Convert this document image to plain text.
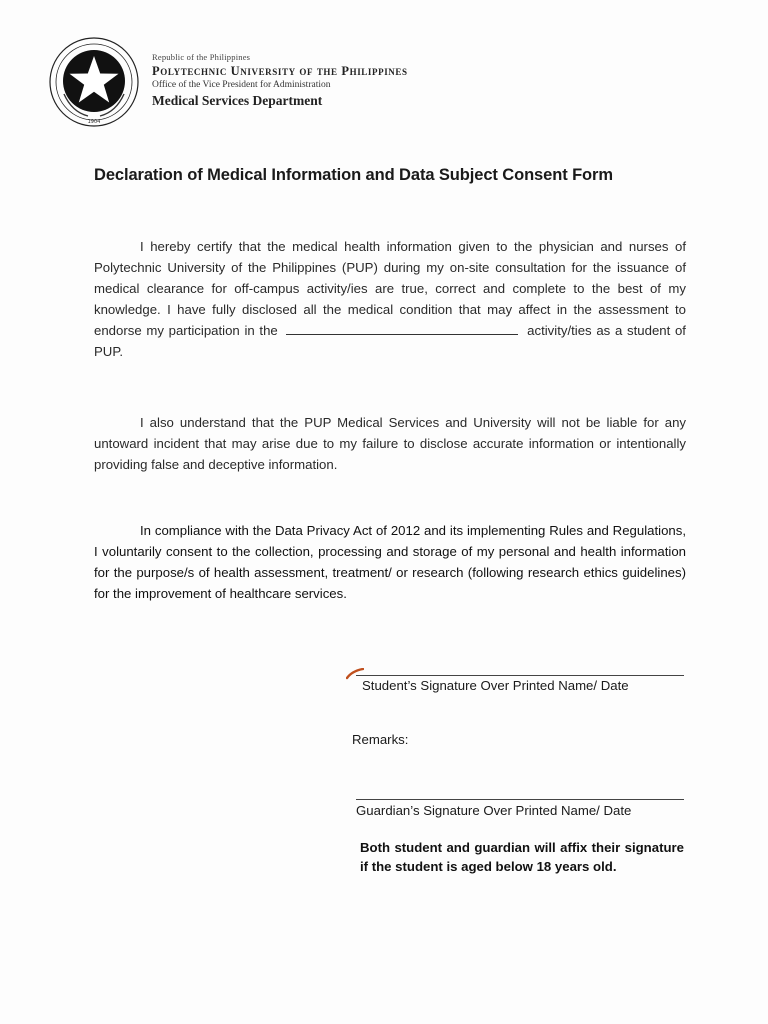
1904
Republic of the Philippines
Polytechnic University of the Philippines
Office of the Vice President for Administration
Medical Services Department
Declaration of Medical Information and Data Subject Consent Form
I hereby certify that the medical health information given to the physician and nurses of Polytechnic University of the Philippines (PUP) during my on-site consultation for the issuance of medical clearance for off-campus activity/ies are true, correct and complete to the best of my knowledge. I have fully disclosed all the medical condition that may affect in the assessment to endorse my participation in the	activity/ties as a student of PUP.
I also understand that the PUP Medical Services and University will not be liable for any untoward incident that may arise due to my failure to disclose accurate information or intentionally providing false and deceptive information.
In compliance with the Data Privacy Act of 2012 and its implementing Rules and Regulations, I voluntarily consent to the collection, processing and storage of my personal and health information for the purpose/s of health assessment, treatment/ or research (following research ethics guidelines) for the improvement of healthcare services.
Student’s Signature Over Printed Name/ Date
Remarks:
Guardian’s Signature Over Printed Name/ Date
Both student and guardian will affix their signature if the student is aged below 18 years old.
